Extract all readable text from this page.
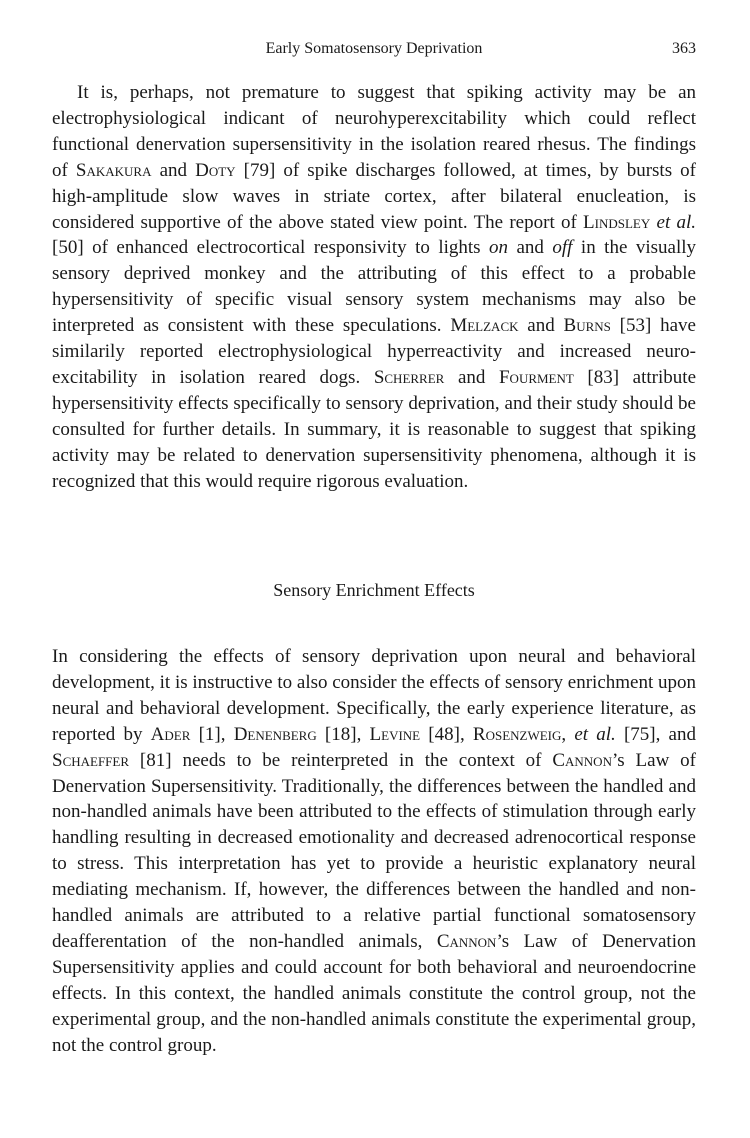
Early Somatosensory Deprivation	363

It is, perhaps, not premature to suggest that spiking activity may be an electrophysiological indicant of neurohyperexcitability which could reflect functional denervation supersensitivity in the isolation reared rhesus. The findings of Sakakura and Doty [79] of spike discharges followed, at times, by bursts of high-amplitude slow waves in striate cortex, after bilateral enucleation, is considered supportive of the above stated view point. The report of Lindsley et al. [50] of enhanced electrocortical responsivity to lights on and off in the visually sensory deprived monkey and the attributing of this effect to a probable hypersensitivity of specific visual sensory system mechanisms may also be interpreted as consistent with these speculations. Melzack and Burns [53] have similarily reported electrophysiological hyperreactivity and increased neuro-excitability in isolation reared dogs. Scherrer and Fourment [83] attribute hypersensitivity effects specifically to sensory deprivation, and their study should be consulted for further details. In summary, it is reasonable to suggest that spiking activity may be related to denervation supersensitivity phenomena, although it is recognized that this would require rigorous evaluation.

Sensory Enrichment Effects

In considering the effects of sensory deprivation upon neural and behavioral development, it is instructive to also consider the effects of sensory enrichment upon neural and behavioral development. Specifically, the early experience literature, as reported by Ader [1], Denenberg [18], Levine [48], Rosenzweig, et al. [75], and Schaeffer [81] needs to be reinterpreted in the context of Cannon’s Law of Denervation Supersensitivity. Traditionally, the differences between the handled and non-handled animals have been attributed to the effects of stimulation through early handling resulting in decreased emotionality and decreased adrenocortical response to stress. This interpretation has yet to provide a heuristic explanatory neural mediating mechanism. If, however, the differences between the handled and non-handled animals are attributed to a relative partial functional somatosensory deafferentation of the non-handled animals, Cannon’s Law of Denervation Supersensitivity applies and could account for both behavioral and neuroendocrine effects. In this context, the handled animals constitute the control group, not the experimental group, and the non-handled animals constitute the experimental group, not the control group.
